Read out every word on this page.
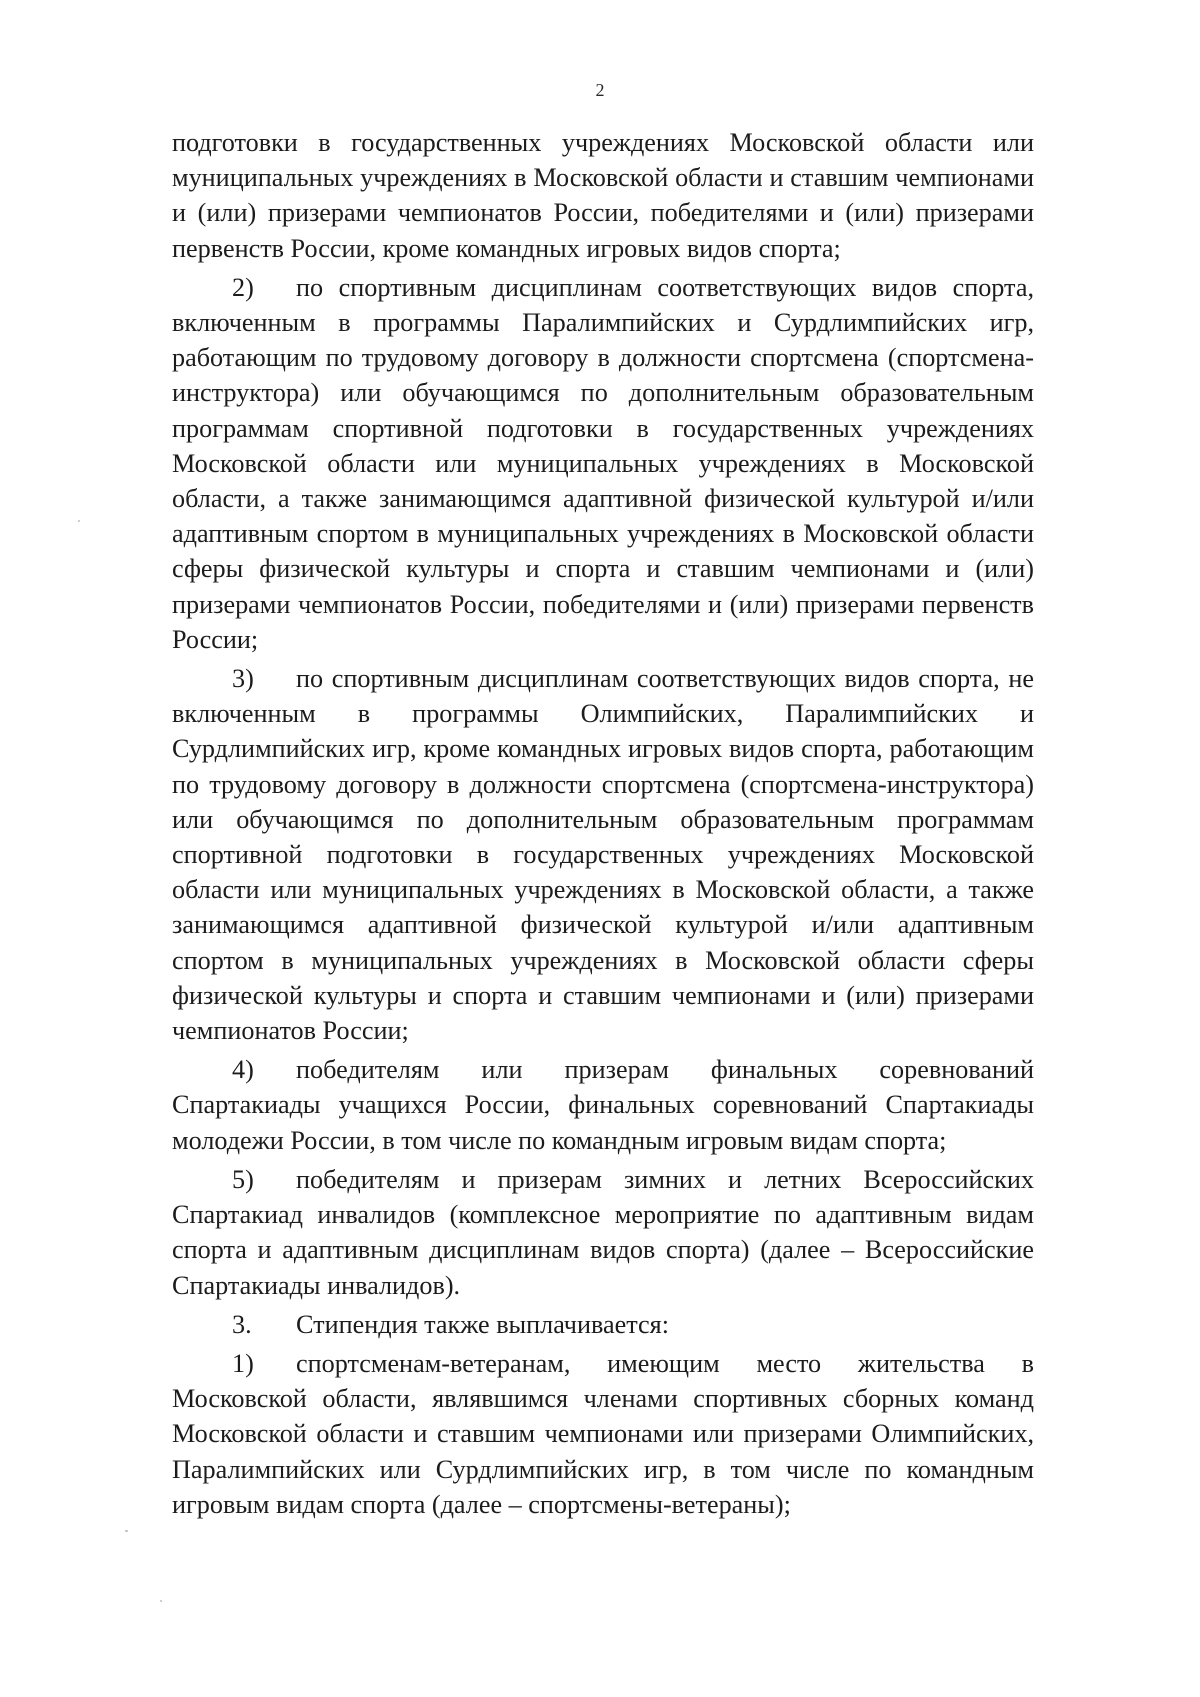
2

подготовки в государственных учреждениях Московской области или муниципальных учреждениях в Московской области и ставшим чемпионами и (или) призерами чемпионатов России, победителями и (или) призерами первенств России, кроме командных игровых видов спорта;

2) по спортивным дисциплинам соответствующих видов спорта, включенным в программы Паралимпийских и Сурдлимпийских игр, работающим по трудовому договору в должности спортсмена (спортсмена-инструктора) или обучающимся по дополнительным образовательным программам спортивной подготовки в государственных учреждениях Московской области или муниципальных учреждениях в Московской области, а также занимающимся адаптивной физической культурой и/или адаптивным спортом в муниципальных учреждениях в Московской области сферы физической культуры и спорта и ставшим чемпионами и (или) призерами чемпионатов России, победителями и (или) призерами первенств России;

3) по спортивным дисциплинам соответствующих видов спорта, не включенным в программы Олимпийских, Паралимпийских и Сурдлимпийских игр, кроме командных игровых видов спорта, работающим по трудовому договору в должности спортсмена (спортсмена-инструктора) или обучающимся по дополнительным образовательным программам спортивной подготовки в государственных учреждениях Московской области или муниципальных учреждениях в Московской области, а также занимающимся адаптивной физической культурой и/или адаптивным спортом в муниципальных учреждениях в Московской области сферы физической культуры и спорта и ставшим чемпионами и (или) призерами чемпионатов России;

4) победителям или призерам финальных соревнований Спартакиады учащихся России, финальных соревнований Спартакиады молодежи России, в том числе по командным игровым видам спорта;

5) победителям и призерам зимних и летних Всероссийских Спартакиад инвалидов (комплексное мероприятие по адаптивным видам спорта и адаптивным дисциплинам видов спорта) (далее – Всероссийские Спартакиады инвалидов).

3. Стипендия также выплачивается:

1) спортсменам-ветеранам, имеющим место жительства в Московской области, являвшимся членами спортивных сборных команд Московской области и ставшим чемпионами или призерами Олимпийских, Паралимпийских или Сурдлимпийских игр, в том числе по командным игровым видам спорта (далее – спортсмены-ветераны);
